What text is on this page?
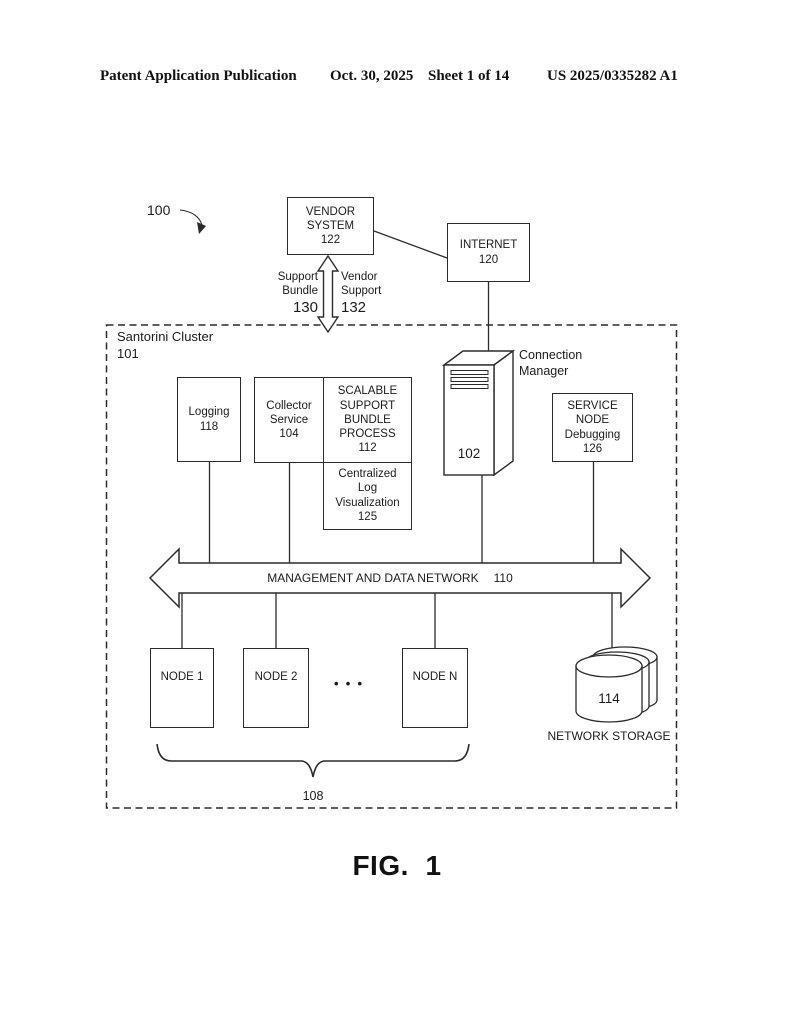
Patent Application Publication Oct. 30, 2025 Sheet 1 of 14	US 2025/0335282 A1
100
Support
Bundle
130
Vendor
Support
132
Santorini Cluster
101	Connection
Manager
102
VENDOR
SYSTEM
122	INTERNET
120
Logging
118
Collector
Service
104
SCALABLE
SUPPORT
BUNDLE
PROCESS
112
Centralized
Log
Visualization
125
SERVICE
NODE
Debugging
126
MANAGEMENT AND DATA NETWORK 110
NODE 1	NODE 2	•  •  •	NODE N
114
NETWORK STORAGE
108
FIG.  1
